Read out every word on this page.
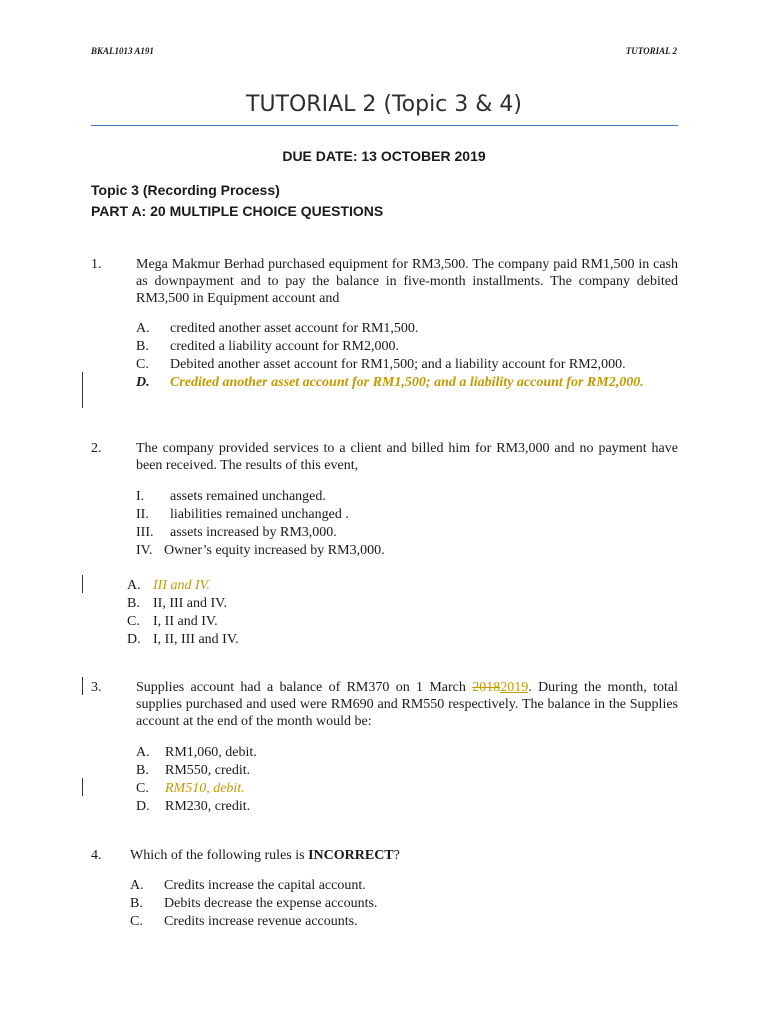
BKAL1013 A191	TUTORIAL 2
TUTORIAL 2 (Topic 3 & 4)
DUE DATE: 13 OCTOBER 2019
Topic 3 (Recording Process)
PART A: 20 MULTIPLE CHOICE QUESTIONS
1. Mega Makmur Berhad purchased equipment for RM3,500. The company paid RM1,500 in cash as downpayment and to pay the balance in five-month installments. The company debited RM3,500 in Equipment account and
A. credited another asset account for RM1,500.
B. credited a liability account for RM2,000.
C. Debited another asset account for RM1,500; and a liability account for RM2,000.
D. Credited another asset account for RM1,500; and a liability account for RM2,000.
2. The company provided services to a client and billed him for RM3,000 and no payment have been received. The results of this event,
I. assets remained unchanged.
II. liabilities remained unchanged .
III. assets increased by RM3,000.
IV. Owner’s equity increased by RM3,000.
A. III and IV.
B. II, III and IV.
C. I, II and IV.
D. I, II, III and IV.
3. Supplies account had a balance of RM370 on 1 March 20182019. During the month, total supplies purchased and used were RM690 and RM550 respectively. The balance in the Supplies account at the end of the month would be:
A. RM1,060, debit.
B. RM550, credit.
C. RM510, debit.
D. RM230, credit.
4. Which of the following rules is INCORRECT?
A. Credits increase the capital account.
B. Debits decrease the expense accounts.
C. Credits increase revenue accounts.
